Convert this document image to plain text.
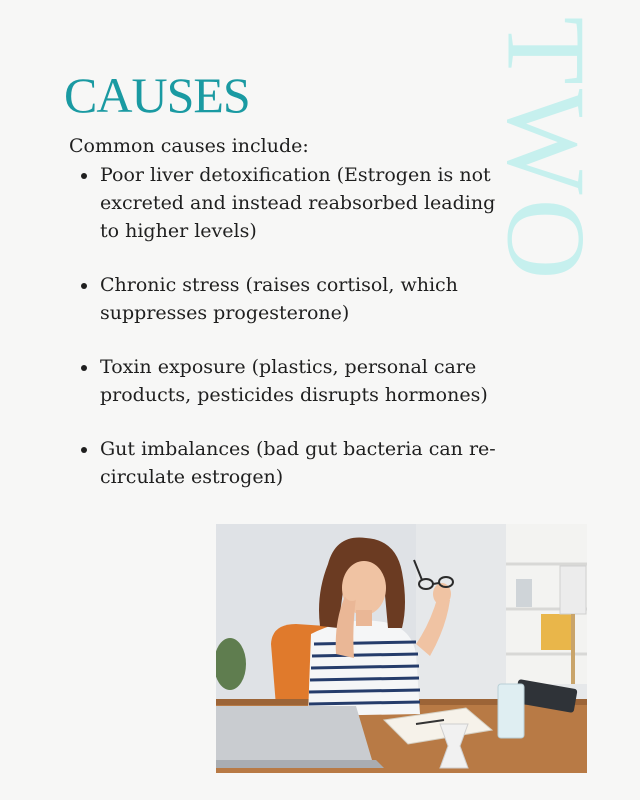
TWO
CAUSES

Common causes include:

Poor liver detoxification (Estrogen is not excreted and instead reabsorbed leading to higher levels)
Chronic stress (raises cortisol, which suppresses progesterone)
Toxin exposure (plastics, personal care products, pesticides disrupts hormones)
Gut imbalances (bad gut bacteria can re-circulate estrogen)
